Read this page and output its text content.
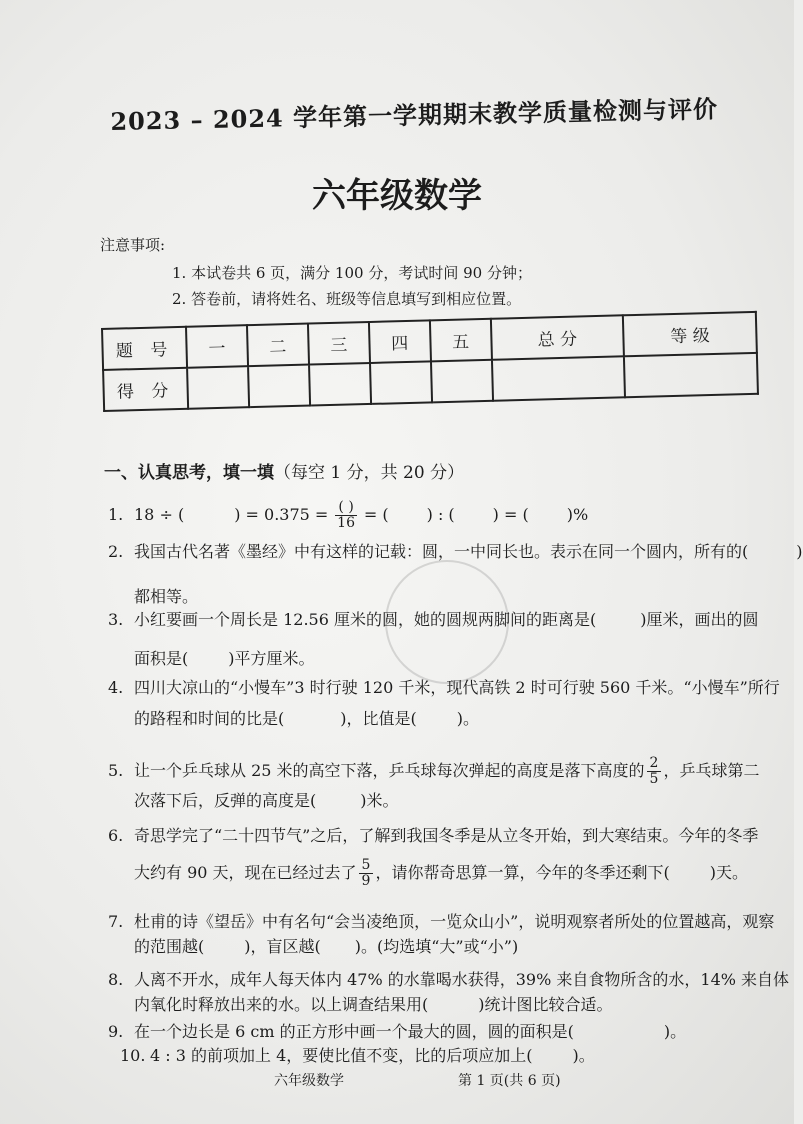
2023 – 2024 学年第一学期期末教学质量检测与评价
六年级数学
注意事项:
1. 本试卷共 6 页，满分 100 分，考试时间 90 分钟；
2. 答卷前，请将姓名、班级等信息填写到相应位置。
题 号	一	二	三	四	五	总 分	等 级
得 分							
一、认真思考，填一填（每空 1 分，共 20 分）
1. 18 ÷ (	) = $0.375 = \frac{( )}{16}$ = ( ) : ( ) = ( )%
2. 我国古代名著《墨经》中有这样的记载：圆，一中同长也。表示在同一个圆内，所有的(	)
都相等。
3. 小红要画一个周长是 12.56 厘米的圆，她的圆规两脚间的距离是(	)厘米，画出的圆
面积是(	)平方厘米。
4. 四川大凉山的“小慢车”3 时行驶 120 千米，现代高铁 2 时可行驶 560 千米。“小慢车”所行
的路程和时间的比是(	)，比值是(	)。
5. 让一个乒乓球从 25 米的高空下落，乒乓球每次弹起的高度是落下高度的 $\frac{2}{5}$ ，乒乓球第二
次落下后，反弹的高度是(	)米。
6. 奇思学完了“二十四节气”之后，了解到我国冬季是从立冬开始，到大寒结束。今年的冬季
大约有 90 天，现在已经过去了 $\frac{5}{9}$ ，请你帮奇思算一算，今年的冬季还剩下(	)天。
7. 杜甫的诗《望岳》中有名句“会当凌绝顶，一览众山小”，说明观察者所处的位置越高，观察
的范围越(	)，盲区越( )。(均选填“大”或“小”)
8. 人离不开水，成年人每天体内 47% 的水靠喝水获得，39% 来自食物所含的水，14% 来自体
内氧化时释放出来的水。以上调查结果用(	)统计图比较合适。
9. 在一个边长是 6 cm 的正方形中画一个最大的圆，圆的面积是(	)。
10. 4 : 3 的前项加上 4，要使比值不变，比的后项应加上(	)。
六年级数学	第 1 页(共 6 页)
